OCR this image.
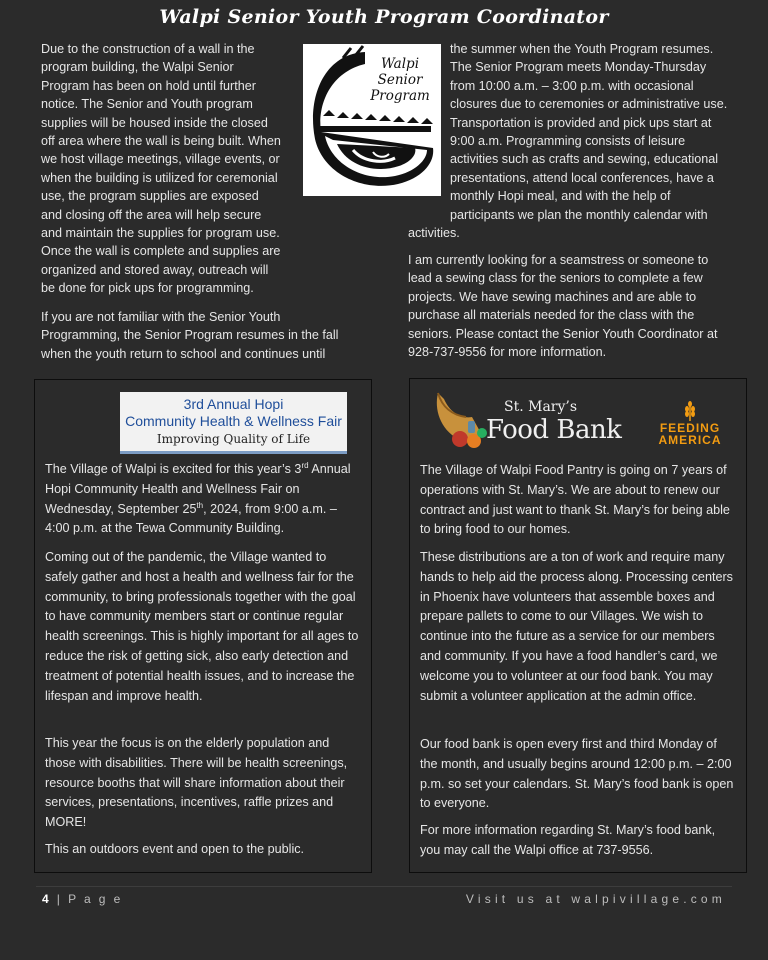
Walpi Senior Youth Program Coordinator

Due to the construction of a wall in the program building, the Walpi Senior Program has been on hold until further notice. The Senior and Youth program supplies will be housed inside the closed off area where the wall is being built. When we host village meetings, village events, or when the building is utilized for ceremonial use, the program supplies are exposed and closing off the area will help secure and maintain the supplies for program use. Once the wall is complete and supplies are organized and stored away, outreach will be done for pick ups for programming.

Walpi
Senior
Program

If you are not familiar with the Senior Youth Programming, the Senior Program resumes in the fall when the youth return to school and continues until

the summer when the Youth Program resumes. The Senior Program meets Monday-Thursday from 10:00 a.m. – 3:00 p.m. with occasional closures due to ceremonies or administrative use. Transportation is provided and pick ups start at 9:00 a.m. Programming consists of leisure activities such as crafts and sewing, educational presentations, attend local conferences, have a monthly Hopi meal, and with the help of participants we plan the monthly calendar with activities.

I am currently looking for a seamstress or someone to lead a sewing class for the seniors to complete a few projects. We have sewing machines and are able to purchase all materials needed for the class with the seniors. Please contact the Senior Youth Coordinator at 928-737-9556 for more information.

3rd Annual Hopi
Community Health & Wellness Fair
Improving Quality of Life

The Village of Walpi is excited for this year’s 3rd Annual Hopi Community Health and Wellness Fair on Wednesday, September 25th, 2024, from 9:00 a.m. – 4:00 p.m. at the Tewa Community Building.

Coming out of the pandemic, the Village wanted to safely gather and host a health and wellness fair for the community, to bring professionals together with the goal to have community members start or continue regular health screenings. This is highly important for all ages to reduce the risk of getting sick, also early detection and treatment of potential health issues, and to increase the lifespan and improve health.

This year the focus is on the elderly population and those with disabilities. There will be health screenings, resource booths that will share information about their services, presentations, incentives, raffle prizes and MORE!

This an outdoors event and open to the public.

St. Mary’s
Food Bank	FEEDING
AMERICA

The Village of Walpi Food Pantry is going on 7 years of operations with St. Mary’s. We are about to renew our contract and just want to thank St. Mary’s for being able to bring food to our homes.

These distributions are a ton of work and require many hands to help aid the process along. Processing centers in Phoenix have volunteers that assemble boxes and prepare pallets to come to our Villages. We wish to continue into the future as a service for our members and community. If you have a food handler’s card, we welcome you to volunteer at our food bank. You may submit a volunteer application at the admin office.

Our food bank is open every first and third Monday of the month, and usually begins around 12:00 p.m. – 2:00 p.m. so set your calendars. St. Mary’s food bank is open to everyone.

For more information regarding St. Mary’s food bank, you may call the Walpi office at 737-9556.

4 | P a g e	Visit us at walpivillage.com
